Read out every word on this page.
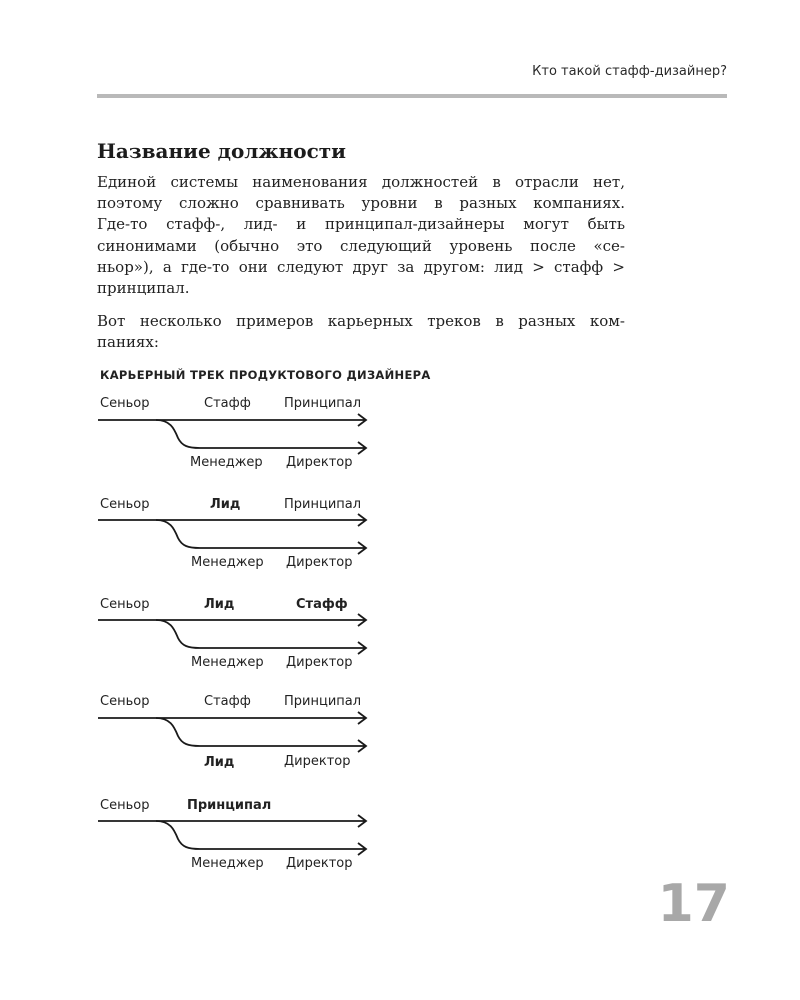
Кто такой стафф-дизайнер?
Название должности

Единой системы наименования должностей в отрасли нет,
поэтому сложно сравнивать уровни в разных компаниях.
Где-то стафф-, лид- и принципал-дизайнеры могут быть
синонимами (обычно это следующий уровень после «се-
ньор»), а где-то они следуют друг за другом: лид > стафф >
принципал.

Вот несколько примеров карьерных треков в разных ком-
паниях:

КАРЬЕРНЫЙ ТРЕК ПРОДУКТОВОГО ДИЗАЙНЕРА
Сеньор	Стафф	Принципал
Менеджер Директор
Сеньор	Лид	Принципал
Менеджер Директор
Сеньор	Лид	Стафф
Менеджер Директор
Сеньор	Стафф	Принципал
Лид	Директор
Сеньор	Принципал
Менеджер Директор
17
